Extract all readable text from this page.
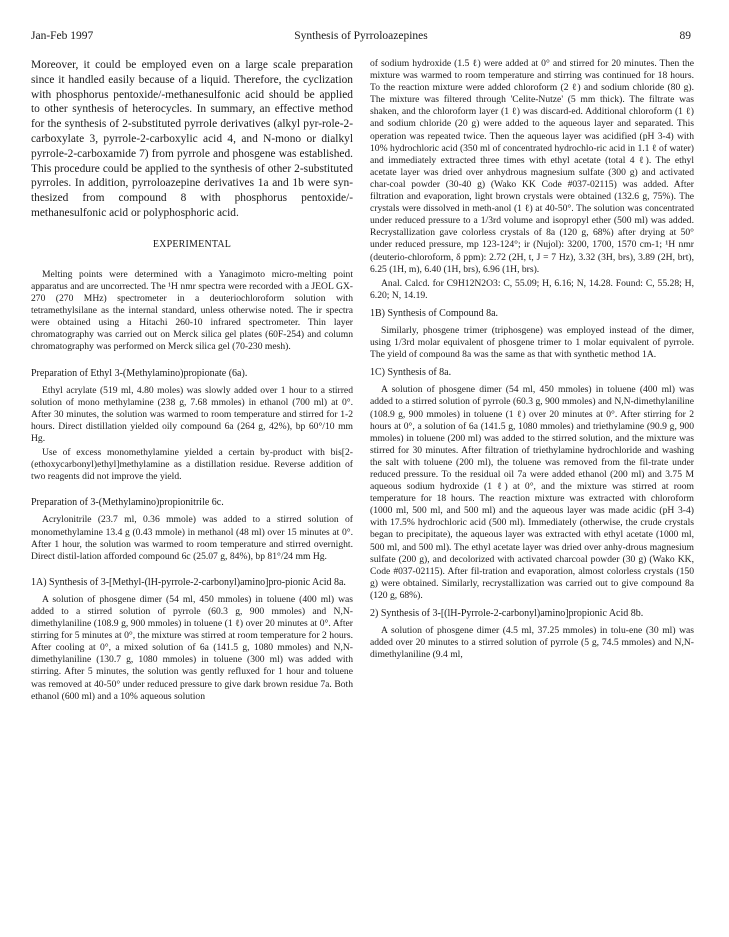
Jan-Feb 1997	Synthesis of Pyrroloazepines	89

Moreover, it could be employed even on a large scale preparation since it handled easily because of a liquid. Therefore, the cyclization with phosphorus pentoxide/-methanesulfonic acid should be applied to other synthesis of heterocycles. In summary, an effective method for the synthesis of 2-substituted pyrrole derivatives (alkyl pyr-role-2-carboxylate 3, pyrrole-2-carboxylic acid 4, and N-mono or dialkyl pyrrole-2-carboxamide 7) from pyrrole and phosgene was established. This procedure could be applied to the synthesis of other 2-substituted pyrroles. In addition, pyrroloazepine derivatives 1a and 1b were syn-thesized from compound 8 with phosphorus pentoxide/-methanesulfonic acid or polyphosphoric acid.

EXPERIMENTAL

Melting points were determined with a Yanagimoto micro-melting point apparatus and are uncorrected. The ¹H nmr spectra were recorded with a JEOL GX-270 (270 MHz) spectrometer in a deuteriochloroform solution with tetramethylsilane as the internal standard, unless otherwise noted. The ir spectra were obtained using a Hitachi 260-10 infrared spectrometer. Thin layer chromatography was carried out on Merck silica gel plates (60F-254) and column chromatography was performed on Merck silica gel (70-230 mesh).

Preparation of Ethyl 3-(Methylamino)propionate (6a).

Ethyl acrylate (519 ml, 4.80 moles) was slowly added over 1 hour to a stirred solution of mono methylamine (238 g, 7.68 mmoles) in ethanol (700 ml) at 0°. After 30 minutes, the solution was warmed to room temperature and stirred for 1-2 hours. Direct distillation yielded oily compound 6a (264 g, 42%), bp 60°/10 mm Hg.

Use of excess monomethylamine yielded a certain by-product with bis[2-(ethoxycarbonyl)ethyl]methylamine as a distillation residue. Reverse addition of two reagents did not improve the yield.

Preparation of 3-(Methylamino)propionitrile 6c.

Acrylonitrile (23.7 ml, 0.36 mmole) was added to a stirred solution of monomethylamine 13.4 g (0.43 mmole) in methanol (48 ml) over 15 minutes at 0°. After 1 hour, the solution was warmed to room temperature and stirred overnight. Direct distil-lation afforded compound 6c (25.07 g, 84%), bp 81°/24 mm Hg.

1A) Synthesis of 3-[Methyl-(lH-pyrrole-2-carbonyl)amino]pro-pionic Acid 8a.

A solution of phosgene dimer (54 ml, 450 mmoles) in toluene (400 ml) was added to a stirred solution of pyrrole (60.3 g, 900 mmoles) and N,N-dimethylaniline (108.9 g, 900 mmoles) in toluene (1 ℓ) over 20 minutes at 0°. After stirring for 5 minutes at 0°, the mixture was stirred at room temperature for 2 hours. After cooling at 0°, a mixed solution of 6a (141.5 g, 1080 mmoles) and N,N-dimethylaniline (130.7 g, 1080 mmoles) in toluene (300 ml) was added with stirring. After 5 minutes, the solution was gently refluxed for 1 hour and toluene was removed at 40-50° under reduced pressure to give dark brown residue 7a. Both ethanol (600 ml) and a 10% aqueous solution

of sodium hydroxide (1.5 ℓ) were added at 0° and stirred for 20 minutes. Then the mixture was warmed to room temperature and stirring was continued for 18 hours. To the reaction mixture were added chloroform (2 ℓ) and sodium chloride (80 g). The mixture was filtered through 'Celite-Nutze' (5 mm thick). The filtrate was shaken, and the chloroform layer (1 ℓ) was discard-ed. Additional chloroform (1 ℓ) and sodium chloride (20 g) were added to the aqueous layer and separated. This operation was repeated twice. Then the aqueous layer was acidified (pH 3-4) with 10% hydrochloric acid (350 ml of concentrated hydrochlo-ric acid in 1.1 ℓ of water) and immediately extracted three times with ethyl acetate (total 4 ℓ). The ethyl acetate layer was dried over anhydrous magnesium sulfate (300 g) and activated char-coal powder (30-40 g) (Wako KK Code #037-02115) was added. After filtration and evaporation, light brown crystals were obtained (132.6 g, 75%). The crystals were dissolved in meth-anol (1 ℓ) at 40-50°. The solution was concentrated under reduced pressure to a 1/3rd volume and isopropyl ether (500 ml) was added. Recrystallization gave colorless crystals of 8a (120 g, 68%) after drying at 50° under reduced pressure, mp 123-124°; ir (Nujol): 3200, 1700, 1570 cm-1; ¹H nmr (deuterio-chloroform, δ ppm): 2.72 (2H, t, J = 7 Hz), 3.32 (3H, brs), 3.89 (2H, brt), 6.25 (1H, m), 6.40 (1H, brs), 6.96 (1H, brs).

Anal. Calcd. for C9H12N2O3: C, 55.09; H, 6.16; N, 14.28. Found: C, 55.28; H, 6.20; N, 14.19.

1B) Synthesis of Compound 8a.

Similarly, phosgene trimer (triphosgene) was employed instead of the dimer, using 1/3rd molar equivalent of phosgene trimer to 1 molar equivalent of pyrrole. The yield of compound 8a was the same as that with synthetic method 1A.

1C) Synthesis of 8a.

A solution of phosgene dimer (54 ml, 450 mmoles) in toluene (400 ml) was added to a stirred solution of pyrrole (60.3 g, 900 mmoles) and N,N-dimethylaniline (108.9 g, 900 mmoles) in toluene (1 ℓ) over 20 minutes at 0°. After stirring for 2 hours at 0°, a solution of 6a (141.5 g, 1080 mmoles) and triethylamine (90.9 g, 900 mmoles) in toluene (200 ml) was added to the stirred solution, and the mixture was stirred for 30 minutes. After filtration of triethylamine hydrochloride and washing the salt with toluene (200 ml), the toluene was removed from the fil-trate under reduced pressure. To the residual oil 7a were added ethanol (200 ml) and 3.75 M aqueous sodium hydroxide (1 ℓ) at 0°, and the mixture was stirred at room temperature for 18 hours. The reaction mixture was extracted with chloroform (1000 ml, 500 ml, and 500 ml) and the aqueous layer was made acidic (pH 3-4) with 17.5% hydrochloric acid (500 ml). Immediately (otherwise, the crude crystals began to precipitate), the aqueous layer was extracted with ethyl acetate (1000 ml, 500 ml, and 500 ml). The ethyl acetate layer was dried over anhy-drous magnesium sulfate (200 g), and decolorized with activated charcoal powder (30 g) (Wako KK, Code #037-02115). After fil-tration and evaporation, almost colorless crystals (150 g) were obtained. Similarly, recrystallization was carried out to give compound 8a (120 g, 68%).

2) Synthesis of 3-[(lH-Pyrrole-2-carbonyl)amino]propionic Acid 8b.

A solution of phosgene dimer (4.5 ml, 37.25 mmoles) in tolu-ene (30 ml) was added over 20 minutes to a stirred solution of pyrrole (5 g, 74.5 mmoles) and N,N-dimethylaniline (9.4 ml,
